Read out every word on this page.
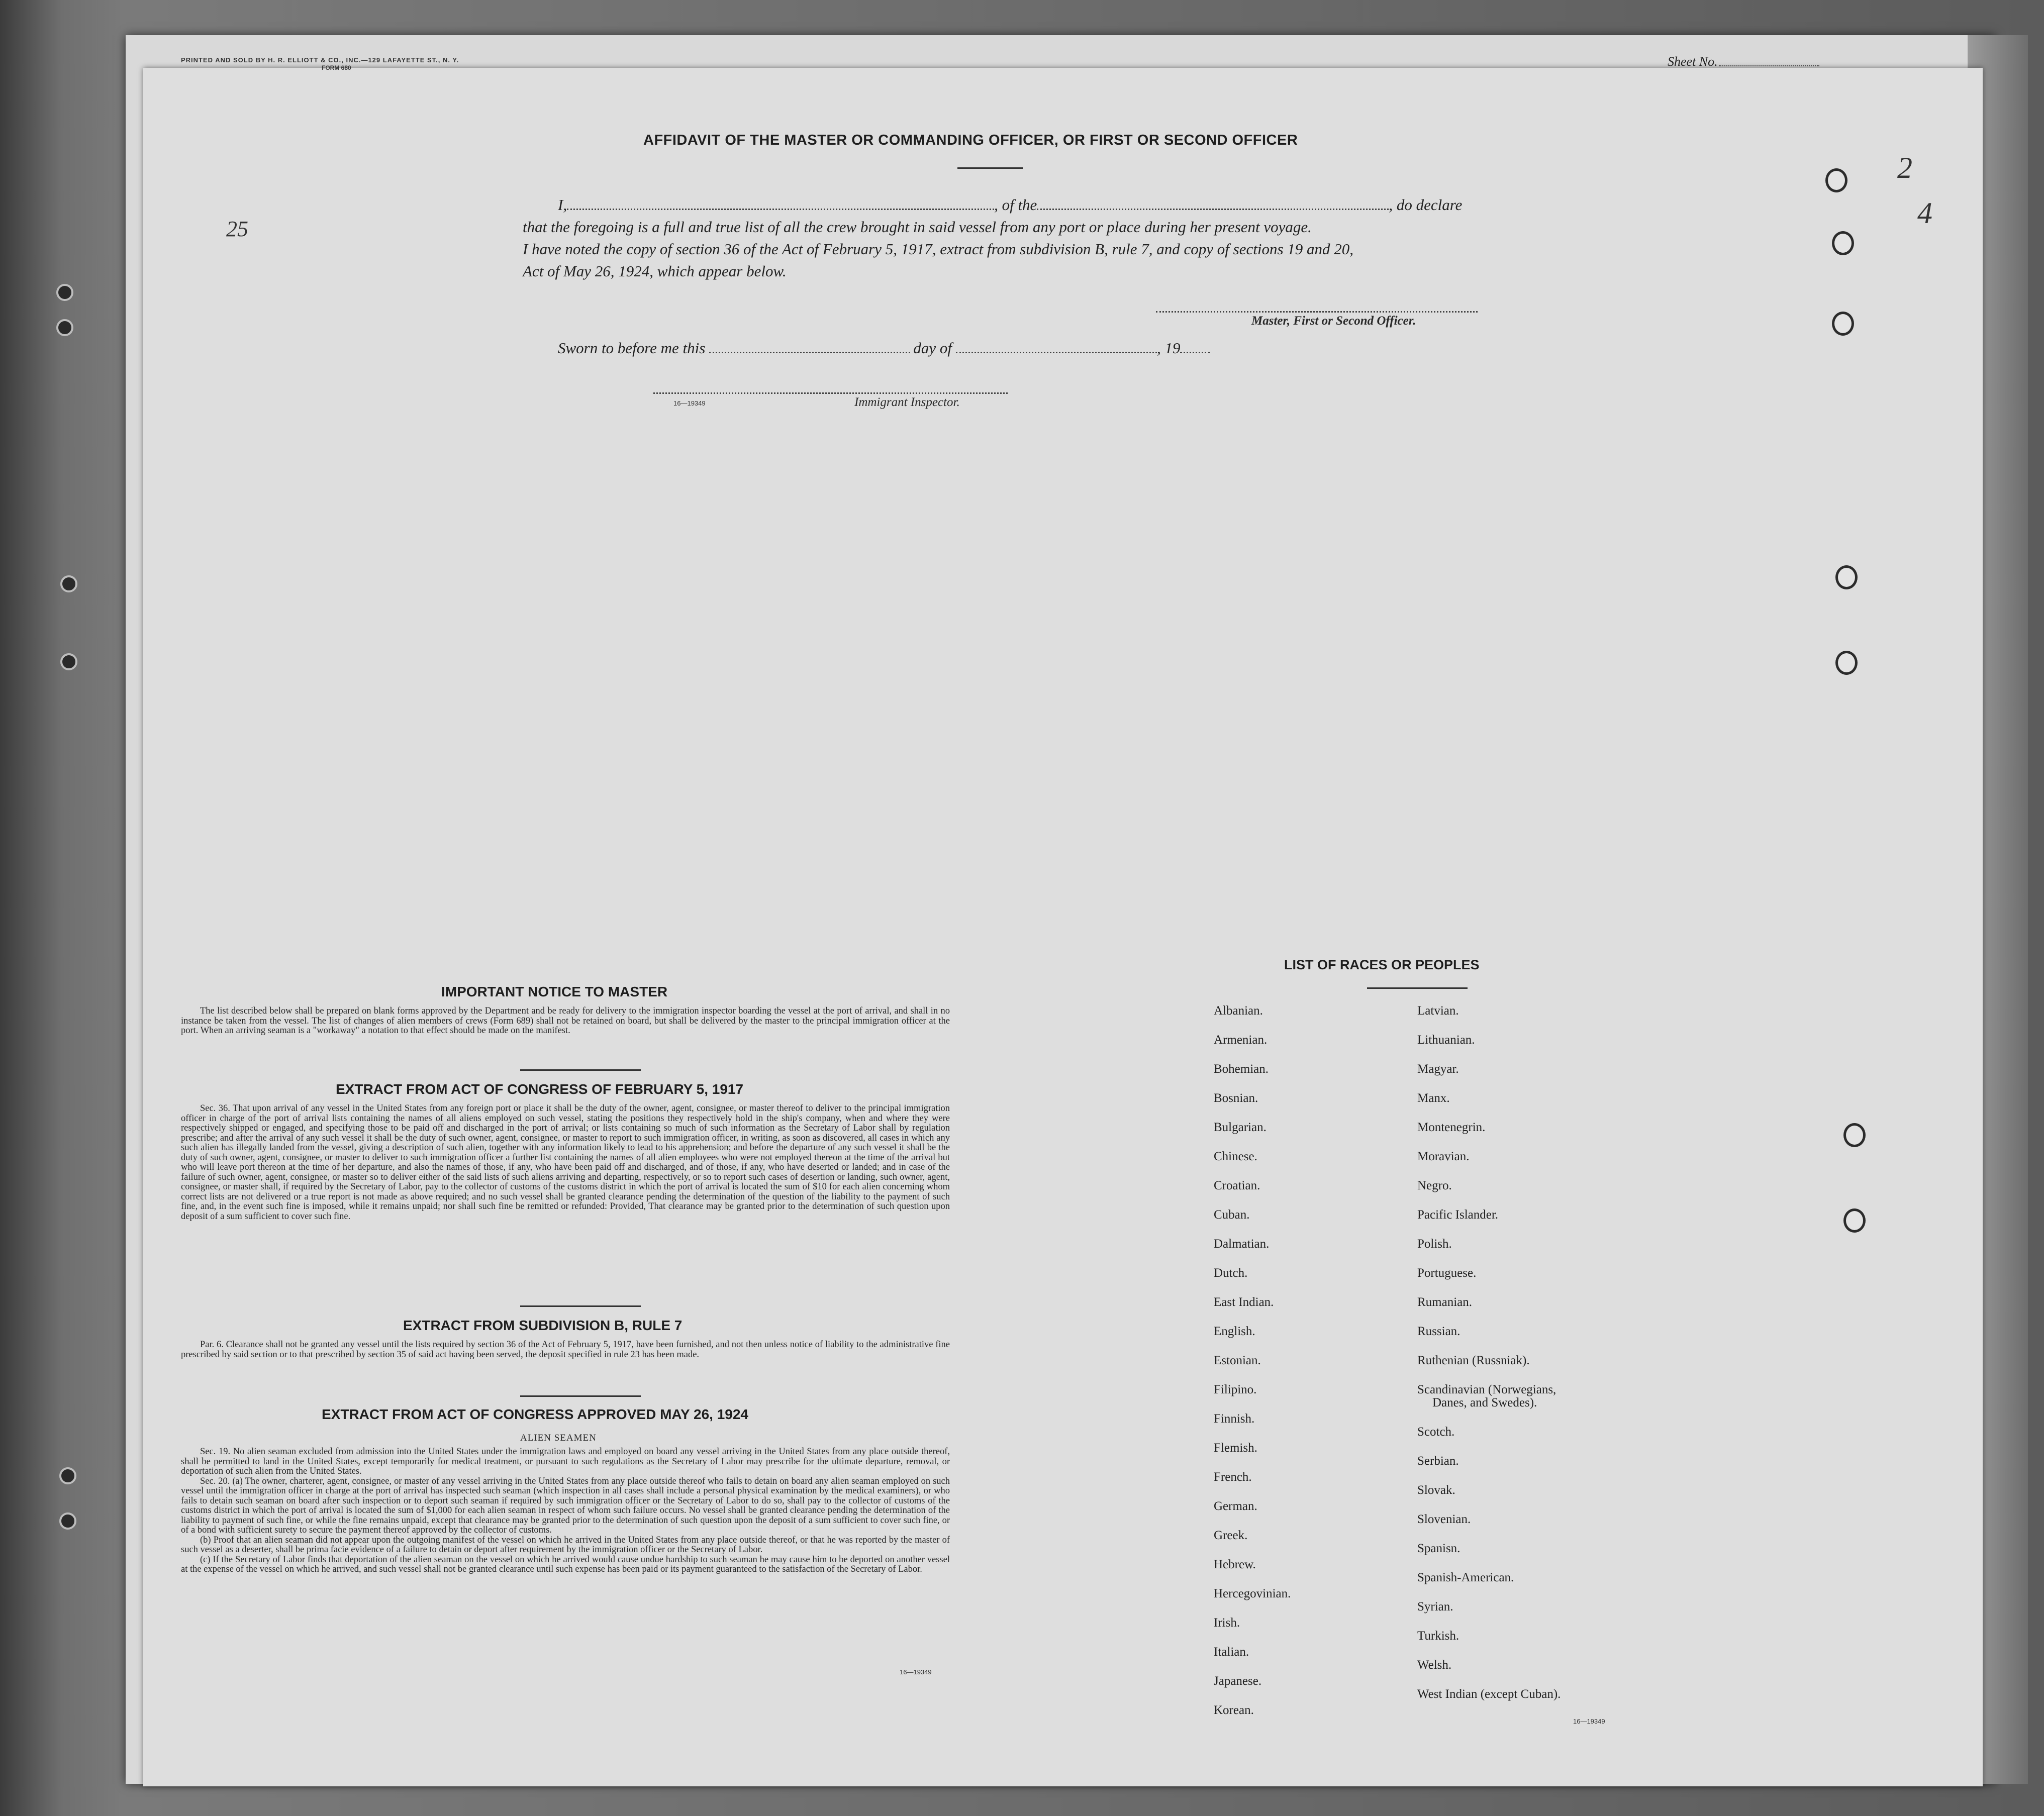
PRINTED AND SOLD BY H. R. ELLIOTT & CO., INC.—129 LAFAYETTE ST., N. Y.
FORM 680	Sheet No.
25
2
4
AFFIDAVIT OF THE MASTER OR COMMANDING OFFICER, OR FIRST OR SECOND OFFICER
I,	, of the	, do declare
that the foregoing is a full and true list of all the crew brought in said vessel from any port or place during her present voyage.
I have noted the copy of section 36 of the Act of February 5, 1917, extract from subdivision B, rule 7, and copy of sections 19 and 20,
Act of May 26, 1924, which appear below.
Master, First or Second Officer.
Sworn to before me this	day of	, 19
16—19349	Immigrant Inspector.
IMPORTANT NOTICE TO MASTER

The list described below shall be prepared on blank forms approved by the Department and be ready for delivery to the immigration inspector boarding the vessel at the port of arrival, and shall in no instance be taken from the vessel. The list of changes of alien members of crews (Form 689) shall not be retained on board, but shall be delivered by the master to the principal immigration officer at the port. When an arriving seaman is a "workaway" a notation to that effect should be made on the manifest.

EXTRACT FROM ACT OF CONGRESS OF FEBRUARY 5, 1917

Sec. 36. That upon arrival of any vessel in the United States from any foreign port or place it shall be the duty of the owner, agent, consignee, or master thereof to deliver to the principal immigration officer in charge of the port of arrival lists containing the names of all aliens employed on such vessel, stating the positions they respectively hold in the ship's company, when and where they were respectively shipped or engaged, and specifying those to be paid off and discharged in the port of arrival; or lists containing so much of such information as the Secretary of Labor shall by regulation prescribe; and after the arrival of any such vessel it shall be the duty of such owner, agent, consignee, or master to report to such immigration officer, in writing, as soon as discovered, all cases in which any such alien has illegally landed from the vessel, giving a description of such alien, together with any information likely to lead to his apprehension; and before the departure of any such vessel it shall be the duty of such owner, agent, consignee, or master to deliver to such immigration officer a further list containing the names of all alien employees who were not employed thereon at the time of the arrival but who will leave port thereon at the time of her departure, and also the names of those, if any, who have been paid off and discharged, and of those, if any, who have deserted or landed; and in case of the failure of such owner, agent, consignee, or master so to deliver either of the said lists of such aliens arriving and departing, respectively, or so to report such cases of desertion or landing, such owner, agent, consignee, or master shall, if required by the Secretary of Labor, pay to the collector of customs of the customs district in which the port of arrival is located the sum of $10 for each alien concerning whom correct lists are not delivered or a true report is not made as above required; and no such vessel shall be granted clearance pending the determination of the question of the liability to the payment of such fine, and, in the event such fine is imposed, while it remains unpaid; nor shall such fine be remitted or refunded: Provided, That clearance may be granted prior to the determination of such question upon deposit of a sum sufficient to cover such fine.

EXTRACT FROM SUBDIVISION B, RULE 7

Par. 6. Clearance shall not be granted any vessel until the lists required by section 36 of the Act of February 5, 1917, have been furnished, and not then unless notice of liability to the administrative fine prescribed by said section or to that prescribed by section 35 of said act having been served, the deposit specified in rule 23 has been made.

EXTRACT FROM ACT OF CONGRESS APPROVED MAY 26, 1924
ALIEN SEAMEN

Sec. 19. No alien seaman excluded from admission into the United States under the immigration laws and employed on board any vessel arriving in the United States from any place outside thereof, shall be permitted to land in the United States, except temporarily for medical treatment, or pursuant to such regulations as the Secretary of Labor may prescribe for the ultimate departure, removal, or deportation of such alien from the United States.

Sec. 20. (a) The owner, charterer, agent, consignee, or master of any vessel arriving in the United States from any place outside thereof who fails to detain on board any alien seaman employed on such vessel until the immigration officer in charge at the port of arrival has inspected such seaman (which inspection in all cases shall include a personal physical examination by the medical examiners), or who fails to detain such seaman on board after such inspection or to deport such seaman if required by such immigration officer or the Secretary of Labor to do so, shall pay to the collector of customs of the customs district in which the port of arrival is located the sum of $1,000 for each alien seaman in respect of whom such failure occurs. No vessel shall be granted clearance pending the determination of the liability to payment of such fine, or while the fine remains unpaid, except that clearance may be granted prior to the determination of such question upon the deposit of a sum sufficient to cover such fine, or of a bond with sufficient surety to secure the payment thereof approved by the collector of customs.

(b) Proof that an alien seaman did not appear upon the outgoing manifest of the vessel on which he arrived in the United States from any place outside thereof, or that he was reported by the master of such vessel as a deserter, shall be prima facie evidence of a failure to detain or deport after requirement by the immigration officer or the Secretary of Labor.

(c) If the Secretary of Labor finds that deportation of the alien seaman on the vessel on which he arrived would cause undue hardship to such seaman he may cause him to be deported on another vessel at the expense of the vessel on which he arrived, and such vessel shall not be granted clearance until such expense has been paid or its payment guaranteed to the satisfaction of the Secretary of Labor.

16—19349
LIST OF RACES OR PEOPLES
Albanian.
Armenian.
Bohemian.
Bosnian.
Bulgarian.
Chinese.
Croatian.
Cuban.
Dalmatian.
Dutch.
East Indian.
English.
Estonian.
Filipino.
Finnish.
Flemish.
French.
German.
Greek.
Hebrew.
Hercegovinian.
Irish.
Italian.
Japanese.
Korean.
Latvian.
Lithuanian.
Magyar.
Manx.
Montenegrin.
Moravian.
Negro.
Pacific Islander.
Polish.
Portuguese.
Rumanian.
Russian.
Ruthenian (Russniak).
Scandinavian (Norwegians,
Danes, and Swedes).
Scotch.
Serbian.
Slovak.
Slovenian.
Spanisn.
Spanish-American.
Syrian.
Turkish.
Welsh.
West Indian (except Cuban).
16—19349
